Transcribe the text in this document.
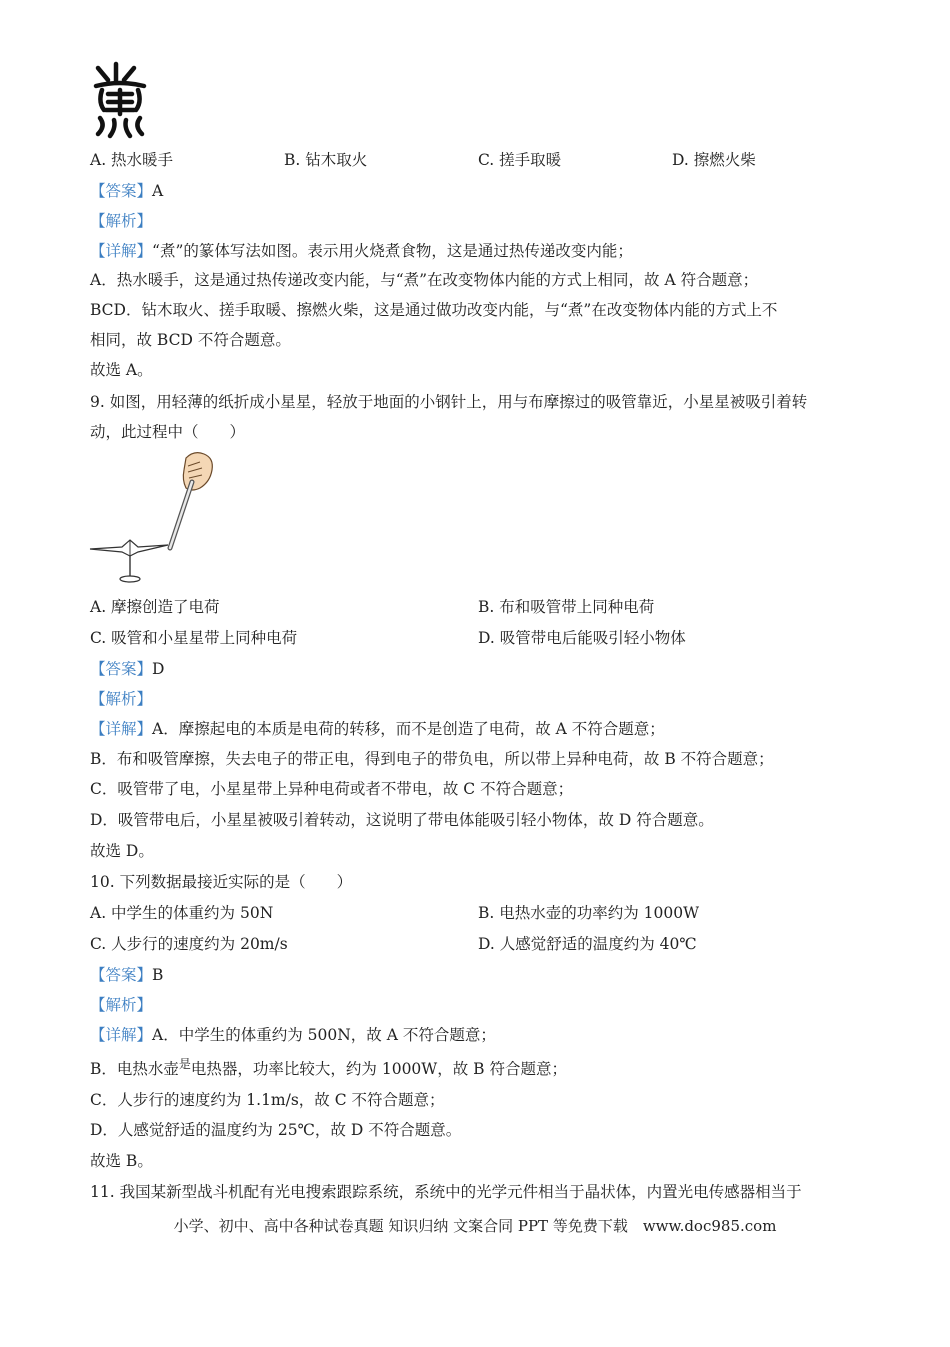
A. 热水暖手	B. 钻木取火	C. 搓手取暖	D. 擦燃火柴
【答案】A
【解析】
【详解】“煮”的篆体写法如图。表示用火烧煮食物，这是通过热传递改变内能；
A．热水暖手，这是通过热传递改变内能，与“煮”在改变物体内能的方式上相同，故 A 符合题意；
BCD．钻木取火、搓手取暖、擦燃火柴，这是通过做功改变内能，与“煮”在改变物体内能的方式上不
相同，故 BCD 不符合题意。
故选 A。
9. 如图，用轻薄的纸折成小星星，轻放于地面的小钢针上，用与布摩擦过的吸管靠近，小星星被吸引着转
动，此过程中（　　）
A. 摩擦创造了电荷	B. 布和吸管带上同种电荷
C. 吸管和小星星带上同种电荷	D. 吸管带电后能吸引轻小物体
【答案】D
【解析】
【详解】A．摩擦起电的本质是电荷的转移，而不是创造了电荷，故 A 不符合题意；
B．布和吸管摩擦，失去电子的带正电，得到电子的带负电，所以带上异种电荷，故 B 不符合题意；
C．吸管带了电，小星星带上异种电荷或者不带电，故 C 不符合题意；
D．吸管带电后，小星星被吸引着转动，这说明了带电体能吸引轻小物体，故 D 符合题意。
故选 D。
10. 下列数据最接近实际的是（　　）
A. 中学生的体重约为 50N	B. 电热水壶的功率约为 1000W
C. 人步行的速度约为 20m/s	D. 人感觉舒适的温度约为 40℃
【答案】B
【解析】
【详解】A．中学生的体重约为 500N，故 A 不符合题意；
B．电热水壶$^是$电热器，功率比较大，约为 1000W，故 B 符合题意；
C．人步行的速度约为 1.1m/s，故 C 不符合题意；
D．人感觉舒适的温度约为 25℃，故 D 不符合题意。
故选 B。
11. 我国某新型战斗机配有光电搜索跟踪系统，系统中的光学元件相当于晶状体，内置光电传感器相当于
小学、初中、高中各种试卷真题 知识归纳 文案合同 PPT 等免费下载　www.doc985.com
